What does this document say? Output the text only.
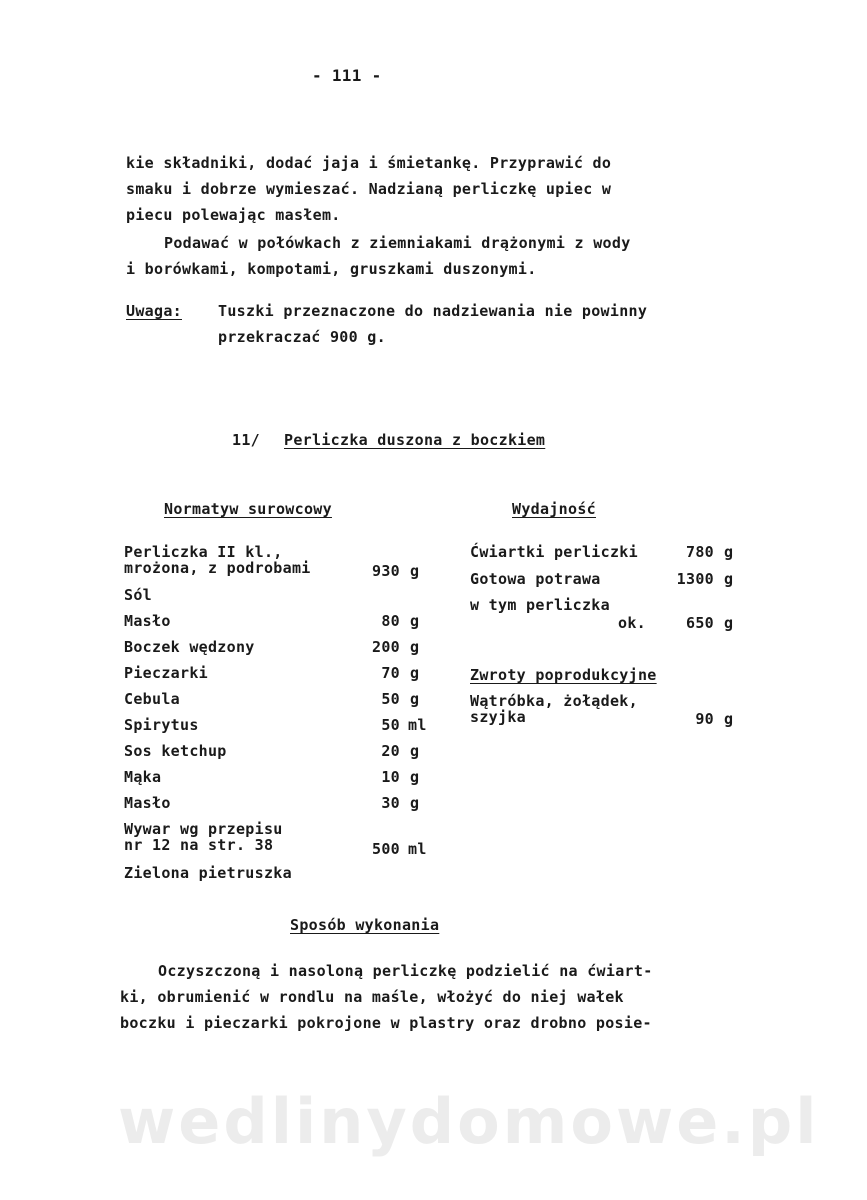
wedlinydomowe.pl
- 111 -
kie składniki, dodać jaja i śmietankę. Przyprawić do
smaku i dobrze wymieszać. Nadzianą perliczkę upiec w
piecu polewając masłem.
Podawać w połówkach z ziemniakami drążonymi z wody
i borówkami, kompotami, gruszkami duszonymi.
Uwaga: Tuszki przeznaczone do nadziewania nie powinny
przekraczać 900 g.
11/ Perliczka duszona z boczkiem
Normatyw surowcowy
Perliczka II kl.,
mrożona, z podrobami	930 g
Sól
Masło	80 g
Boczek wędzony	200 g
Pieczarki	70 g
Cebula	50 g
Spirytus	50 ml
Sos ketchup	20 g
Mąka	10 g
Masło	30 g
Wywar wg przepisu
nr 12 na str. 38	500 ml
Zielona pietruszka
Wydajność
Ćwiartki perliczki	780 g
Gotowa potrawa	1300 g
w tym perliczka
ok.	650 g
Zwroty poprodukcyjne
Wątróbka, żołądek,
szyjka	90 g
Sposób wykonania
Oczyszczoną i nasoloną perliczkę podzielić na ćwiart-
ki, obrumienić w rondlu na maśle, włożyć do niej wałek
boczku i pieczarki pokrojone w plastry oraz drobno posie-
